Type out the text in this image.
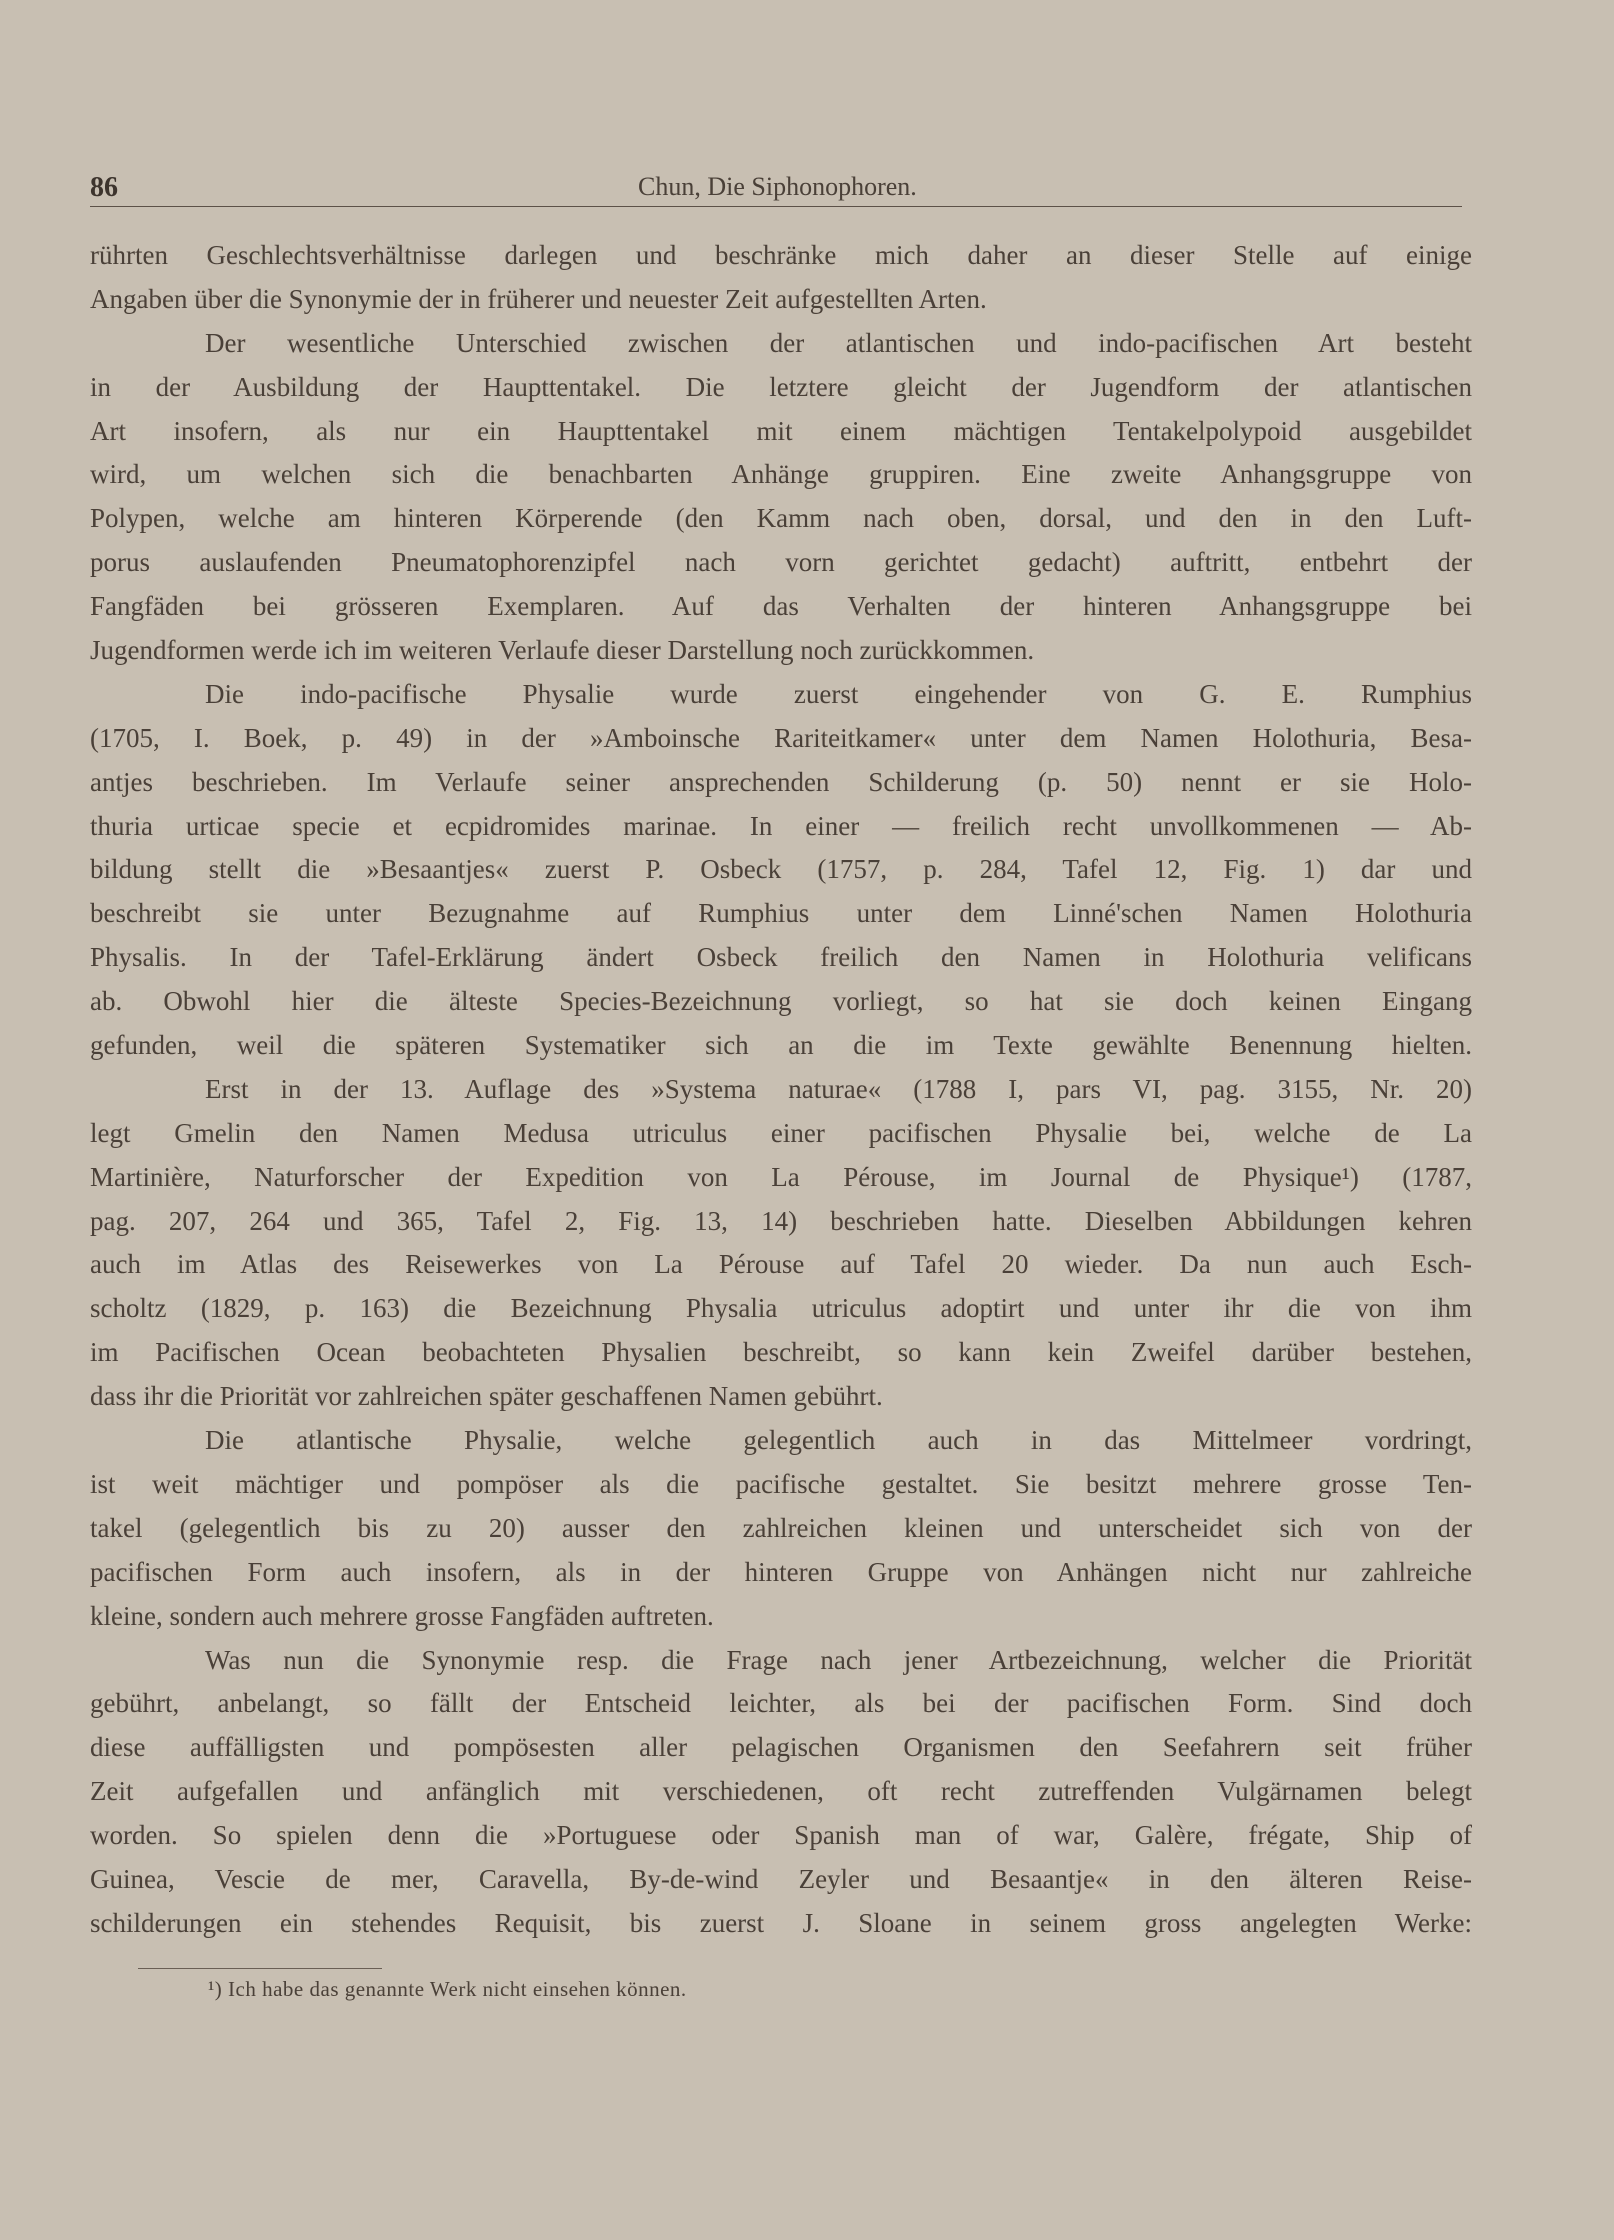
86	Chun, Die Siphonophoren.
rührten Geschlechtsverhältnisse darlegen und beschränke mich daher an dieser Stelle auf einige
Angaben über die Synonymie der in früherer und neuester Zeit aufgestellten Arten.
Der wesentliche Unterschied zwischen der atlantischen und indo-pacifischen Art besteht
in der Ausbildung der Haupttentakel. Die letztere gleicht der Jugendform der atlantischen
Art insofern, als nur ein Haupttentakel mit einem mächtigen Tentakelpolypoid ausgebildet
wird, um welchen sich die benachbarten Anhänge gruppiren. Eine zweite Anhangsgruppe von
Polypen, welche am hinteren Körperende (den Kamm nach oben, dorsal, und den in den Luft-
porus auslaufenden Pneumatophorenzipfel nach vorn gerichtet gedacht) auftritt, entbehrt der
Fangfäden bei grösseren Exemplaren. Auf das Verhalten der hinteren Anhangsgruppe bei
Jugendformen werde ich im weiteren Verlaufe dieser Darstellung noch zurückkommen.
Die indo-pacifische Physalie wurde zuerst eingehender von G. E. Rumphius
(1705, I. Boek, p. 49) in der »Amboinsche Rariteitkamer« unter dem Namen Holothuria, Besa-
antjes beschrieben. Im Verlaufe seiner ansprechenden Schilderung (p. 50) nennt er sie Holo-
thuria urticae specie et ecpidromides marinae. In einer — freilich recht unvollkommenen — Ab-
bildung stellt die »Besaantjes« zuerst P. Osbeck (1757, p. 284, Tafel 12, Fig. 1) dar und
beschreibt sie unter Bezugnahme auf Rumphius unter dem Linné'schen Namen Holothuria
Physalis. In der Tafel-Erklärung ändert Osbeck freilich den Namen in Holothuria velificans
ab. Obwohl hier die älteste Species-Bezeichnung vorliegt, so hat sie doch keinen Eingang
gefunden, weil die späteren Systematiker sich an die im Texte gewählte Benennung hielten.
Erst in der 13. Auflage des »Systema naturae« (1788 I, pars VI, pag. 3155, Nr. 20)
legt Gmelin den Namen Medusa utriculus einer pacifischen Physalie bei, welche de La
Martinière, Naturforscher der Expedition von La Pérouse, im Journal de Physique¹) (1787,
pag. 207, 264 und 365, Tafel 2, Fig. 13, 14) beschrieben hatte. Dieselben Abbildungen kehren
auch im Atlas des Reisewerkes von La Pérouse auf Tafel 20 wieder. Da nun auch Esch-
scholtz (1829, p. 163) die Bezeichnung Physalia utriculus adoptirt und unter ihr die von ihm
im Pacifischen Ocean beobachteten Physalien beschreibt, so kann kein Zweifel darüber bestehen,
dass ihr die Priorität vor zahlreichen später geschaffenen Namen gebührt.
Die atlantische Physalie, welche gelegentlich auch in das Mittelmeer vordringt,
ist weit mächtiger und pompöser als die pacifische gestaltet. Sie besitzt mehrere grosse Ten-
takel (gelegentlich bis zu 20) ausser den zahlreichen kleinen und unterscheidet sich von der
pacifischen Form auch insofern, als in der hinteren Gruppe von Anhängen nicht nur zahlreiche
kleine, sondern auch mehrere grosse Fangfäden auftreten.
Was nun die Synonymie resp. die Frage nach jener Artbezeichnung, welcher die Priorität
gebührt, anbelangt, so fällt der Entscheid leichter, als bei der pacifischen Form. Sind doch
diese auffälligsten und pompösesten aller pelagischen Organismen den Seefahrern seit früher
Zeit aufgefallen und anfänglich mit verschiedenen, oft recht zutreffenden Vulgärnamen belegt
worden. So spielen denn die »Portuguese oder Spanish man of war, Galère, frégate, Ship of
Guinea, Vescie de mer, Caravella, By-de-wind Zeyler und Besaantje« in den älteren Reise-
schilderungen ein stehendes Requisit, bis zuerst J. Sloane in seinem gross angelegten Werke:
¹) Ich habe das genannte Werk nicht einsehen können.
